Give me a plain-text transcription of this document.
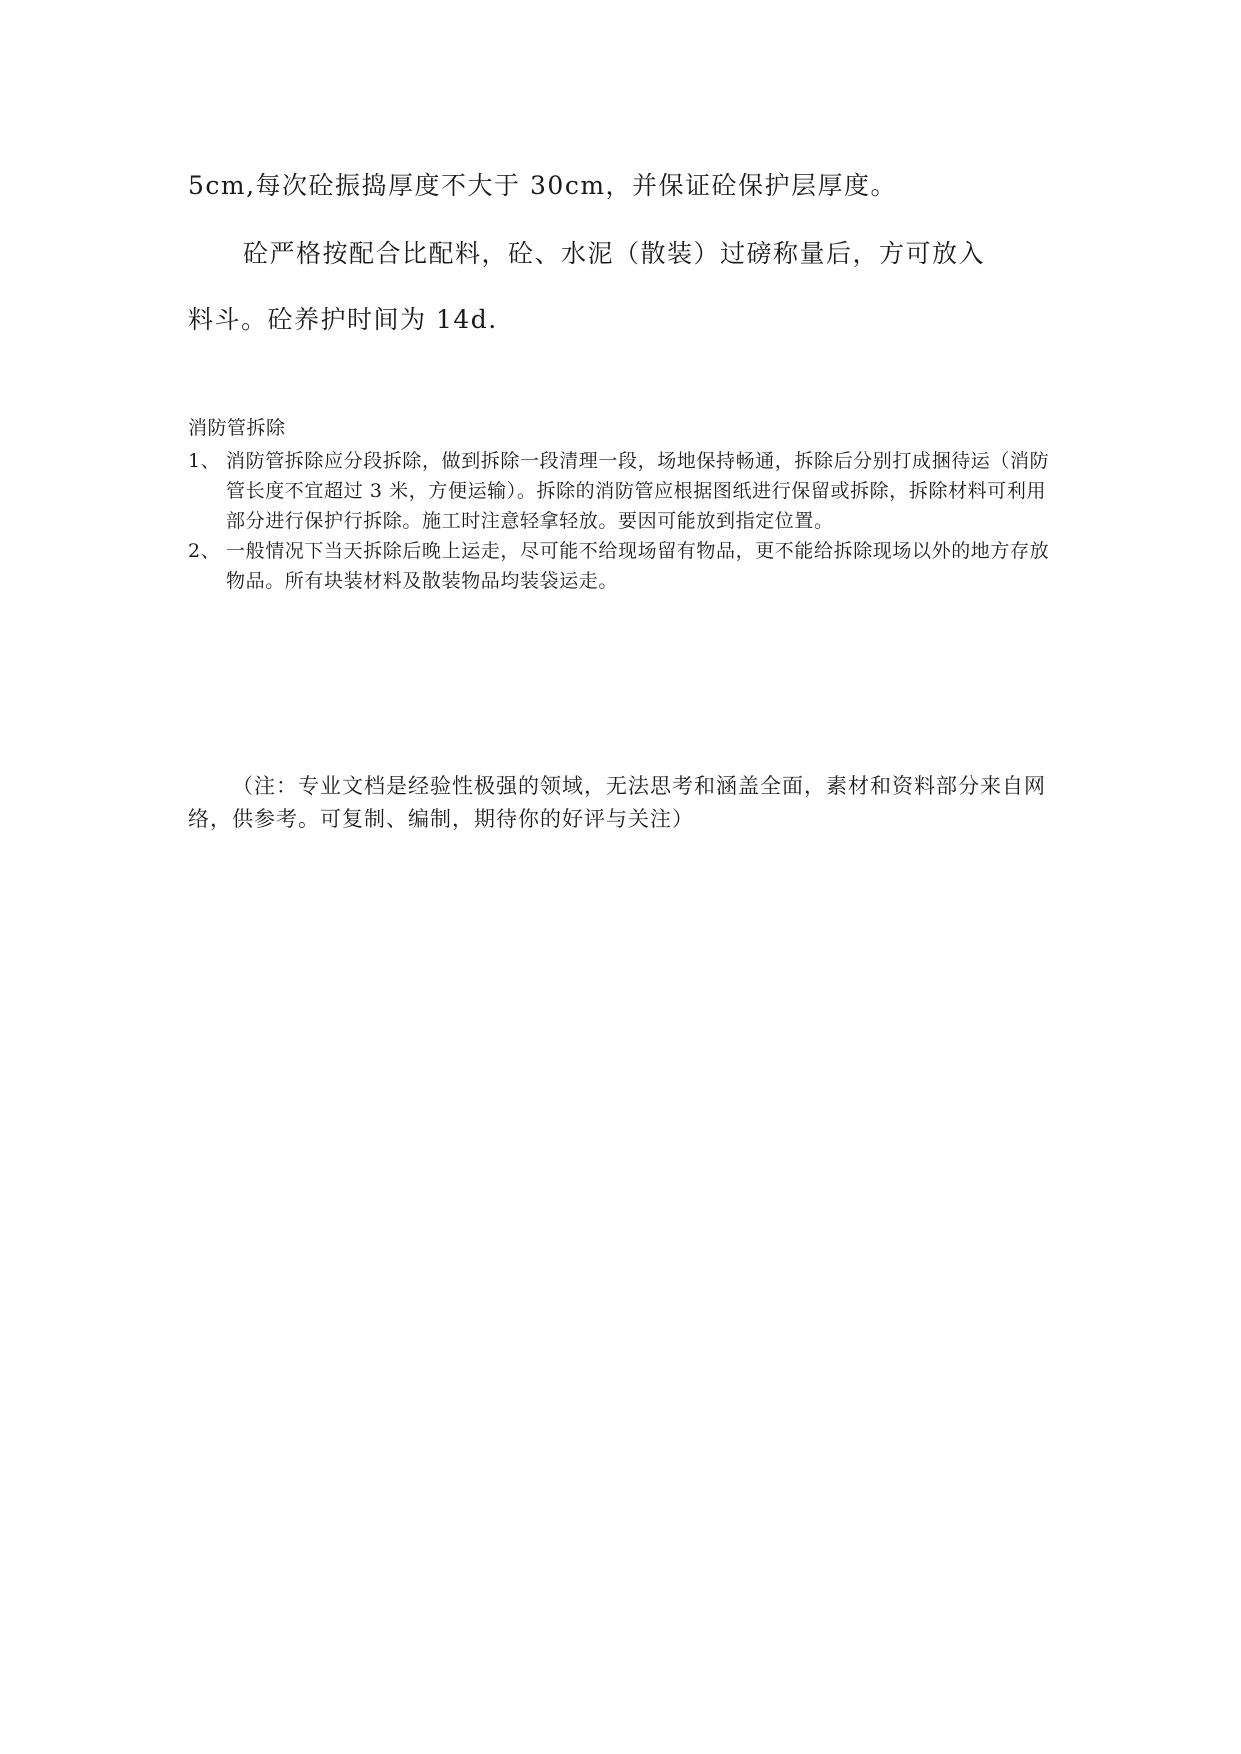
5cm,每次砼振捣厚度不大于 30cm，并保证砼保护层厚度。

砼严格按配合比配料，砼、水泥（散装）过磅称量后，方可放入

料斗。砼养护时间为 14d.

消防管拆除

1、 消防管拆除应分段拆除，做到拆除一段清理一段，场地保持畅通，拆除后分别打成捆待运（消防管长度不宜超过 3 米，方便运输）。拆除的消防管应根据图纸进行保留或拆除，拆除材料可利用部分进行保护行拆除。施工时注意轻拿轻放。要因可能放到指定位置。
2、 一般情况下当天拆除后晚上运走，尽可能不给现场留有物品，更不能给拆除现场以外的地方存放物品。所有块装材料及散装物品均装袋运走。

（注：专业文档是经验性极强的领域，无法思考和涵盖全面，素材和资料部分来自网络，供参考。可复制、编制，期待你的好评与关注）
